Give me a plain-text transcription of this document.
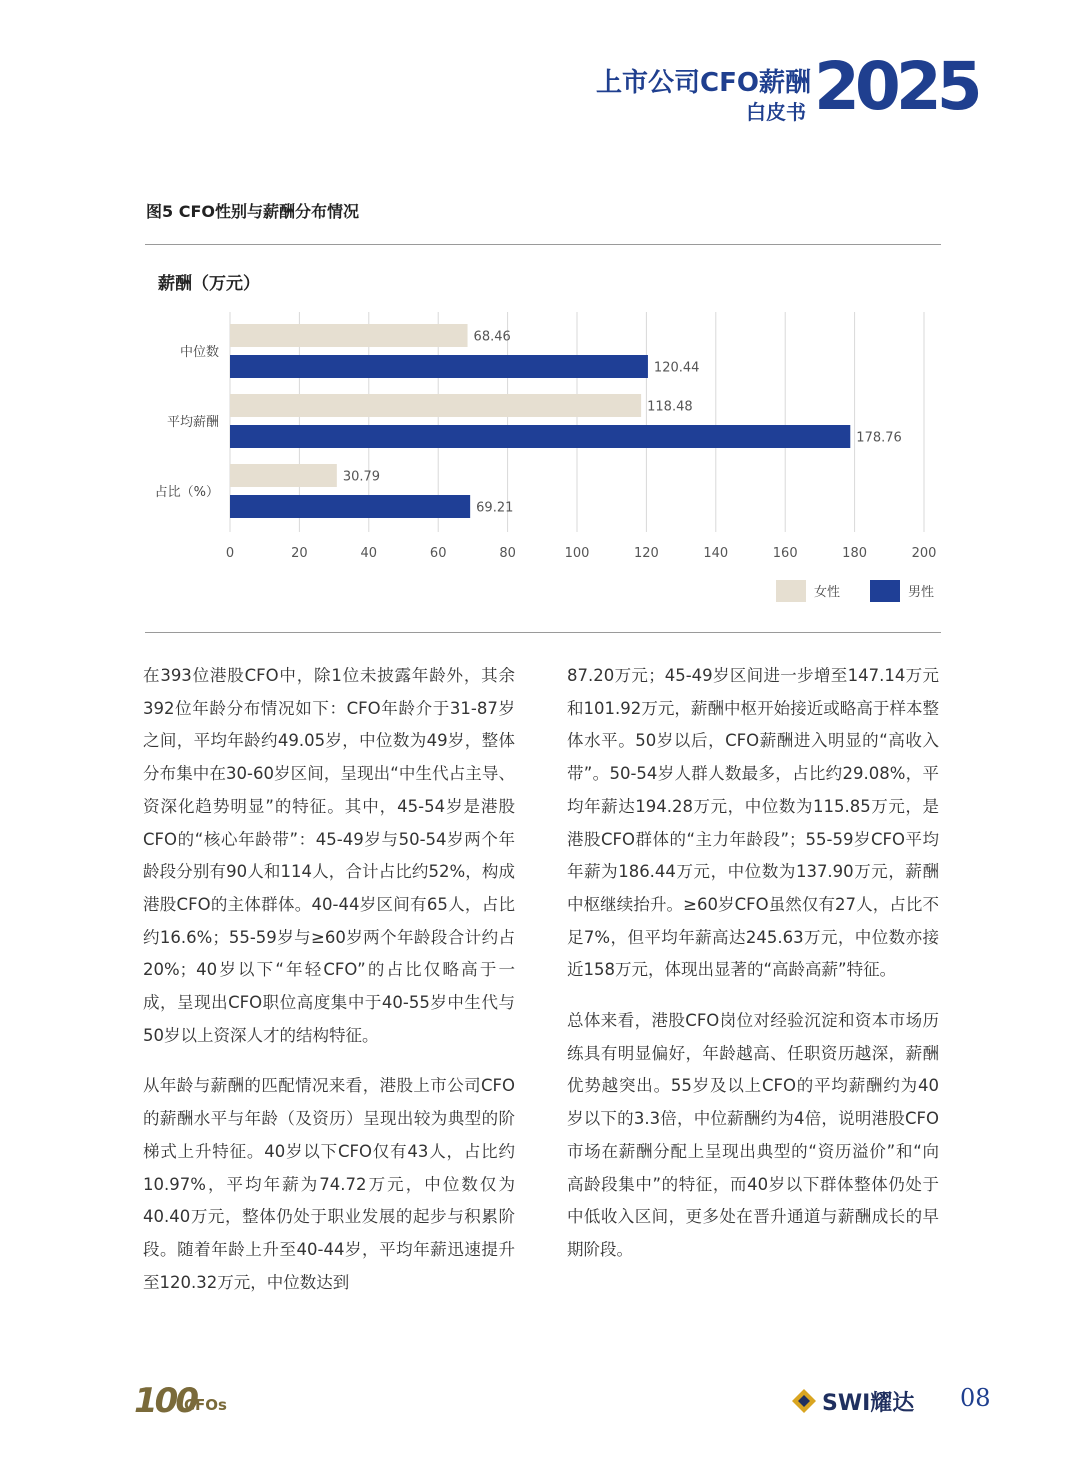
上市公司CFO薪酬
白皮书 2025
图5 CFO性别与薪酬分布情况
薪酬（万元）
0	20	40	60	80	100	120	140	160	180	200
中位数
68.46
120.44
平均薪酬
118.48
178.76
占比（%）
30.79
69.21
女性	男性

在393位港股CFO中，除1位未披露年龄外，其余392位年龄分布情况如下：CFO年龄介于31-87岁之间，平均年龄约49.05岁，中位数为49岁，整体分布集中在30-60岁区间，呈现出“中生代占主导、资深化趋势明显”的特征。其中，45-54岁是港股CFO的“核心年龄带”：45-49岁与50-54岁两个年龄段分别有90人和114人，合计占比约52%，构成港股CFO的主体群体。40-44岁区间有65人，占比约16.6%；55-59岁与≥60岁两个年龄段合计约占20%；40岁以下“年轻CFO”的占比仅略高于一成，呈现出CFO职位高度集中于40-55岁中生代与50岁以上资深人才的结构特征。

从年龄与薪酬的匹配情况来看，港股上市公司CFO的薪酬水平与年龄（及资历）呈现出较为典型的阶梯式上升特征。40岁以下CFO仅有43人，占比约10.97%，平均年薪为74.72万元，中位数仅为40.40万元，整体仍处于职业发展的起步与积累阶段。随着年龄上升至40-44岁，平均年薪迅速提升至120.32万元，中位数达到

87.20万元；45-49岁区间进一步增至147.14万元和101.92万元，薪酬中枢开始接近或略高于样本整体水平。50岁以后，CFO薪酬进入明显的“高收入带”。50-54岁人群人数最多，占比约29.08%，平均年薪达194.28万元，中位数为115.85万元，是港股CFO群体的“主力年龄段”；55-59岁CFO平均年薪为186.44万元，中位数为137.90万元，薪酬中枢继续抬升。≥60岁CFO虽然仅有27人，占比不足7%，但平均年薪高达245.63万元，中位数亦接近158万元，体现出显著的“高龄高薪”特征。

总体来看，港股CFO岗位对经验沉淀和资本市场历练具有明显偏好，年龄越高、任职资历越深，薪酬优势越突出。55岁及以上CFO的平均薪酬约为40岁以下的3.3倍，中位薪酬约为4倍，说明港股CFO市场在薪酬分配上呈现出典型的“资历溢价”和“向高龄段集中”的特征，而40岁以下群体整体仍处于中低收入区间，更多处在晋升通道与薪酬成长的早期阶段。

100
CFOs	SWI耀达 08
